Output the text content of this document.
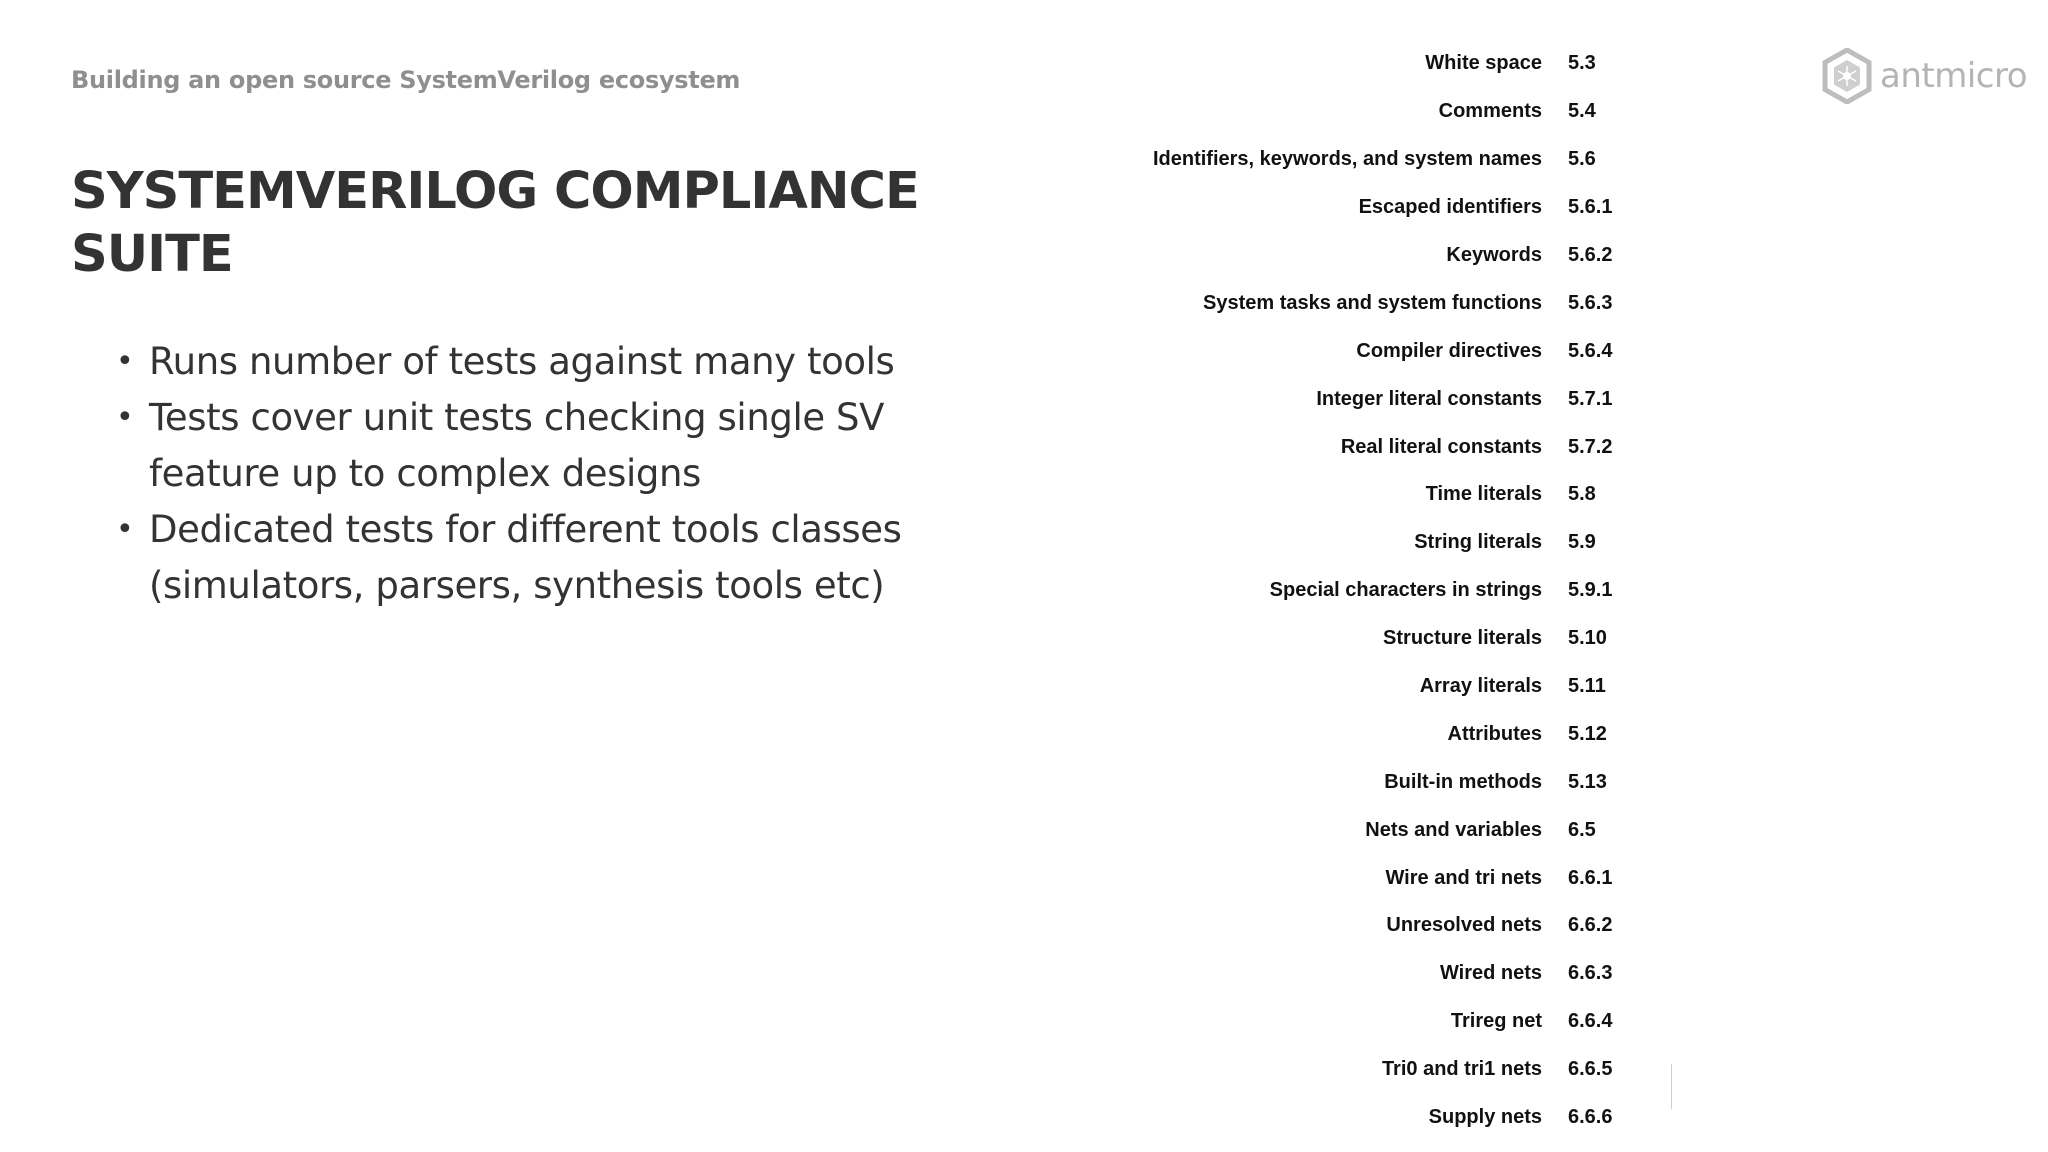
Building an open source SystemVerilog ecosystem
SYSTEMVERILOG COMPLIANCE
SUITE
• Runs number of tests against many tools
• Tests cover unit tests checking single SV feature up to complex designs
• Dedicated tests for different tools classes (simulators, parsers, synthesis tools etc)
White space 5.3
Comments 5.4
Identifiers, keywords, and system names 5.6
Escaped identifiers 5.6.1
Keywords 5.6.2
System tasks and system functions 5.6.3
Compiler directives 5.6.4
Integer literal constants 5.7.1
Real literal constants 5.7.2
Time literals 5.8
String literals 5.9
Special characters in strings 5.9.1
Structure literals 5.10
Array literals 5.11
Attributes 5.12
Built-in methods 5.13
Nets and variables 6.5
Wire and tri nets 6.6.1
Unresolved nets 6.6.2
Wired nets 6.6.3
Trireg net 6.6.4
Tri0 and tri1 nets 6.6.5
Supply nets 6.6.6
antmicro
